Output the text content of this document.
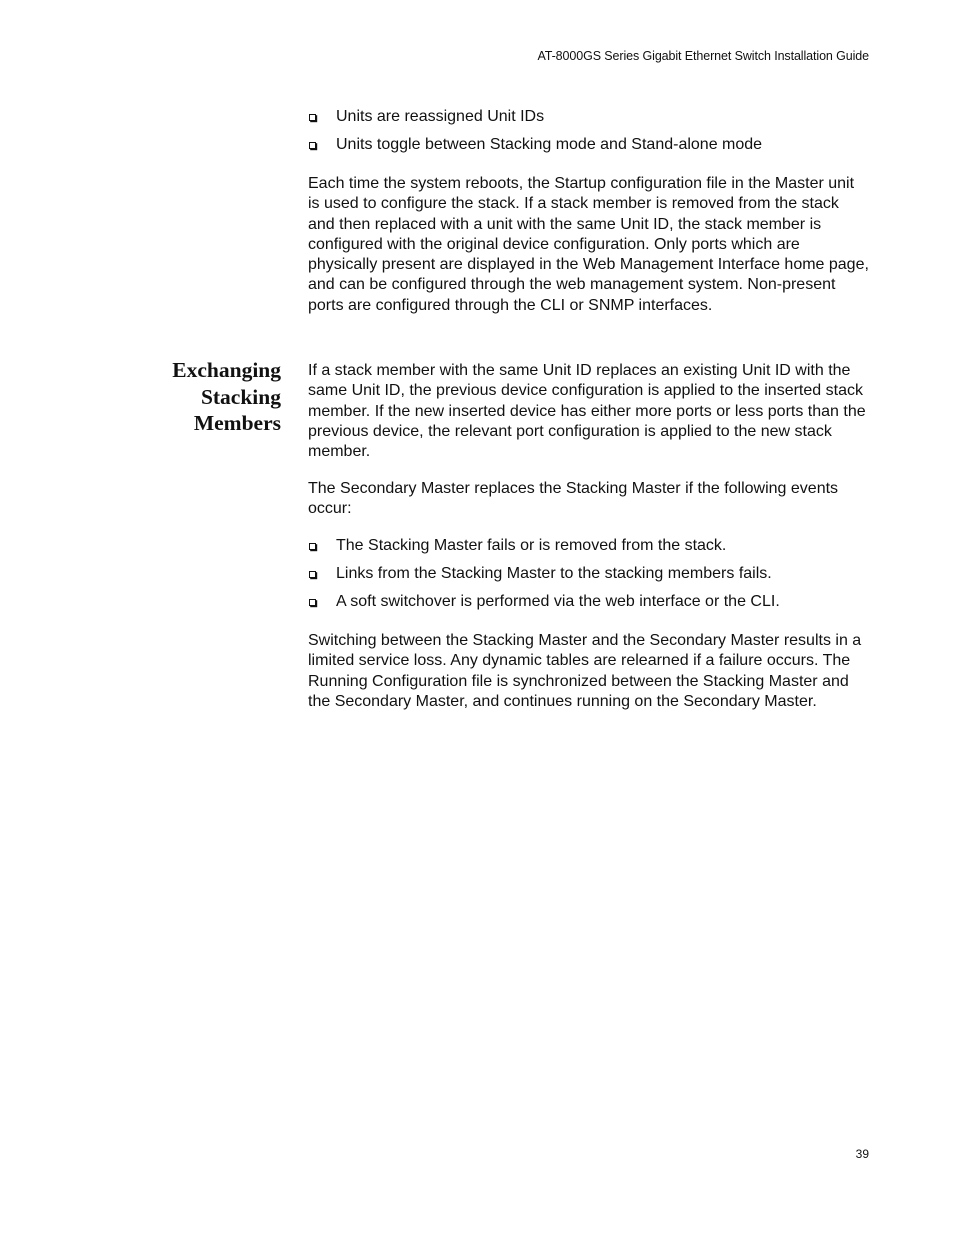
AT-8000GS Series Gigabit Ethernet Switch Installation Guide
Units are reassigned Unit IDs
Units toggle between Stacking mode and Stand-alone mode

Each time the system reboots, the Startup configuration file in the Master unit is used to configure the stack. If a stack member is removed from the stack and then replaced with a unit with the same Unit ID, the stack member is configured with the original device configuration. Only ports which are physically present are displayed in the Web Management Interface home page, and can be configured through the web management system. Non-present ports are configured through the CLI or SNMP interfaces.

Exchanging
Stacking
Members

If a stack member with the same Unit ID replaces an existing Unit ID with the same Unit ID, the previous device configuration is applied to the inserted stack member. If the new inserted device has either more ports or less ports than the previous device, the relevant port configuration is applied to the new stack member.

The Secondary Master replaces the Stacking Master if the following events occur:

The Stacking Master fails or is removed from the stack.
Links from the Stacking Master to the stacking members fails.
A soft switchover is performed via the web interface or the CLI.

Switching between the Stacking Master and the Secondary Master results in a limited service loss. Any dynamic tables are relearned if a failure occurs. The Running Configuration file is synchronized between the Stacking Master and the Secondary Master, and continues running on the Secondary Master.

39
